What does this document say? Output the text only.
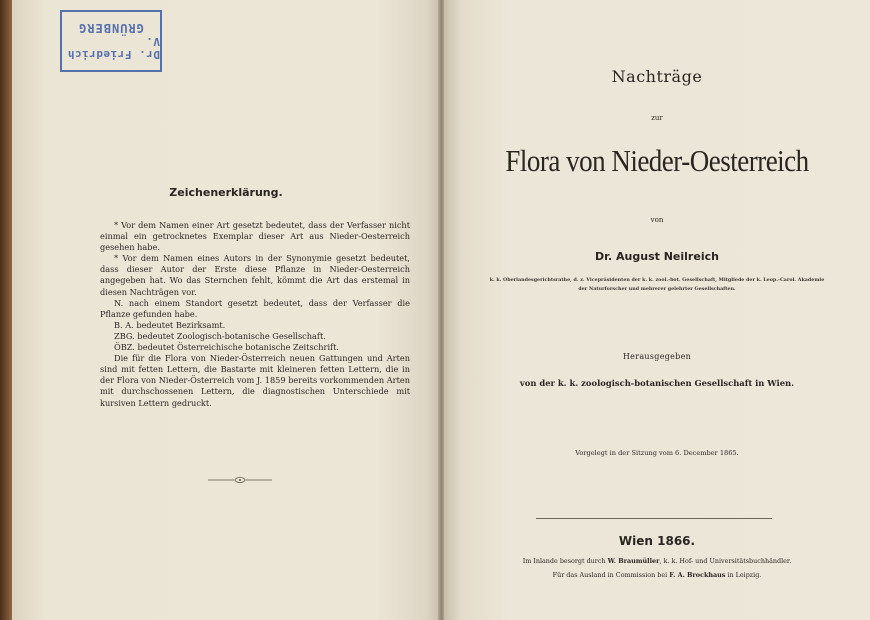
Dr. Friedrich V.
GRÜNBERG
Zeichenerklärung.

* Vor dem Namen einer Art gesetzt bedeutet, dass der Verfasser nicht einmal ein getrocknetes Exemplar dieser Art aus Nieder-Oesterreich gesehen habe.

* Vor dem Namen eines Autors in der Synonymie gesetzt bedeutet, dass dieser Autor der Erste diese Pflanze in Nieder-Oesterreich angegeben hat. Wo das Sternchen fehlt, kömmt die Art das erstemal in diesen Nachträgen vor.

N. nach einem Standort gesetzt bedeutet, dass der Verfasser die Pflanze gefunden habe.

B. A. bedeutet Bezirksamt.

ZBG. bedeutet Zoologisch-botanische Gesellschaft.

ÖBZ. bedeutet Österreichische botanische Zeitschrift.

Die für die Flora von Nieder-Österreich neuen Gattungen und Arten sind mit fetten Lettern, die Bastarte mit kleineren fetten Lettern, die in der Flora von Nieder-Österreich vom J. 1859 bereits vorkommenden Arten mit durchschossenen Lettern, die diagnostischen Unterschiede mit kursiven Lettern gedruckt.

Nachträge
zur
Flora von Nieder-Oesterreich
von
Dr. August Neilreich
k. k. Oberlandesgerichtsrathe, d. z. Vicepräsidenten der k. k. zool.-bot. Gesellschaft, Mitgliede der k. Leop.-Carol. Akademie
der Naturforscher und mehrerer gelehrter Gesellschaften.
Herausgegeben
von der k. k. zoologisch-botanischen Gesellschaft in Wien.
Vorgelegt in der Sitzung vom 6. December 1865.
Wien 1866.
Im Inlande besorgt durch W. Braumüller, k. k. Hof- und Universitätsbuchhändler.
Für das Ausland in Commission bei F. A. Brockhaus in Leipzig.
